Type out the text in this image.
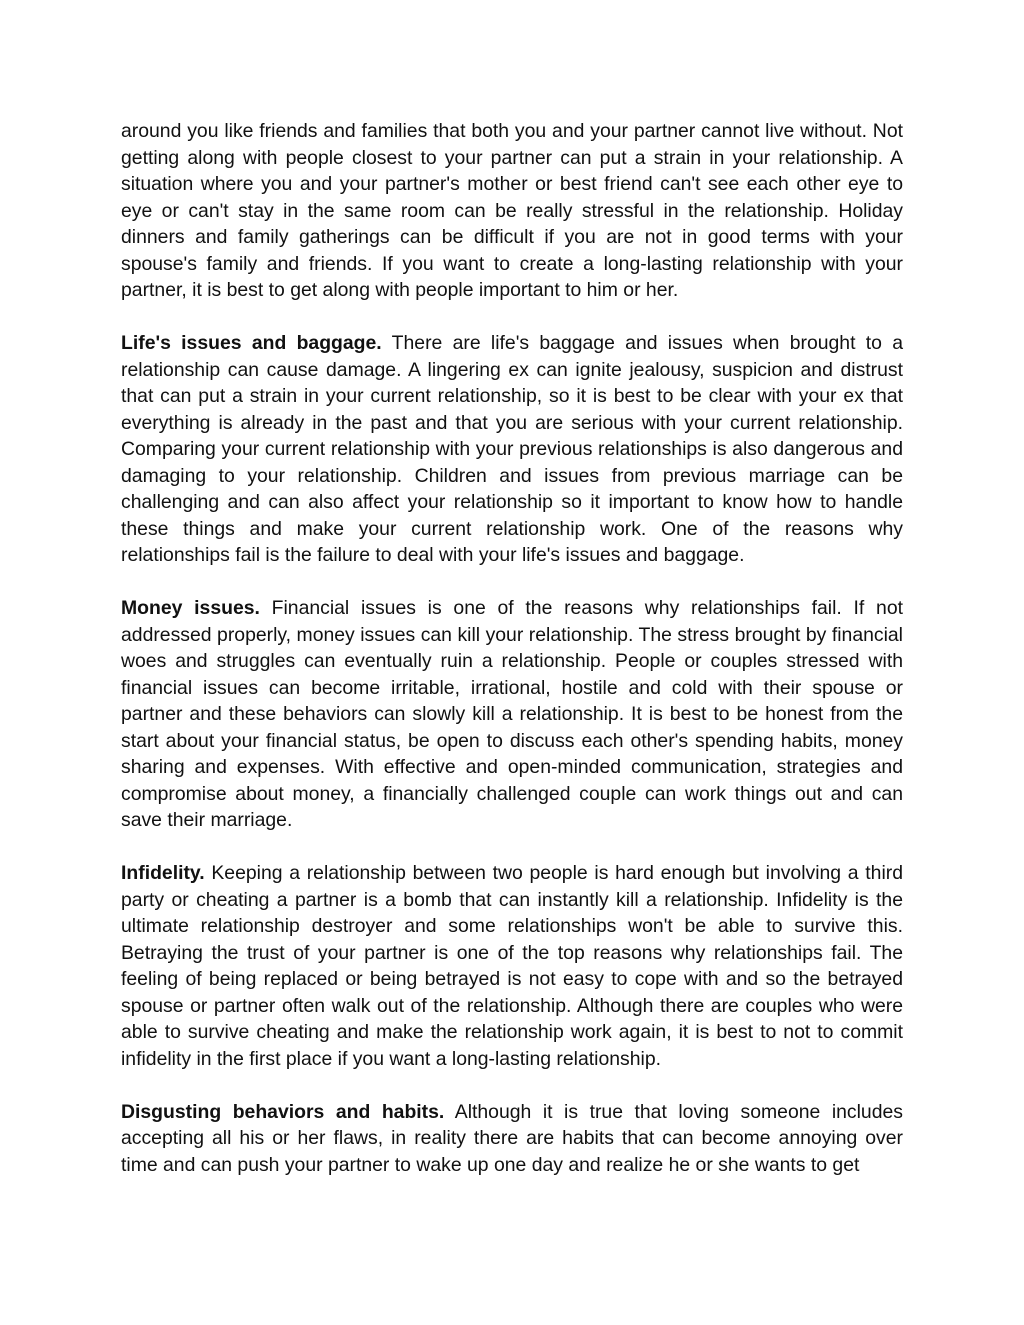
around you like friends and families that both you and your partner cannot live without. Not getting along with people closest to your partner can put a strain in your relationship. A situation where you and your partner's mother or best friend can't see each other eye to eye or can't stay in the same room can be really stressful in the relationship. Holiday dinners and family gatherings can be difficult if you are not in good terms with your spouse's family and friends. If you want to create a long-lasting relationship with your partner, it is best to get along with people important to him or her.

Life's issues and baggage. There are life's baggage and issues when brought to a relationship can cause damage. A lingering ex can ignite jealousy, suspicion and distrust that can put a strain in your current relationship, so it is best to be clear with your ex that everything is already in the past and that you are serious with your current relationship. Comparing your current relationship with your previous relationships is also dangerous and damaging to your relationship. Children and issues from previous marriage can be challenging and can also affect your relationship so it important to know how to handle these things and make your current relationship work. One of the reasons why relationships fail is the failure to deal with your life's issues and baggage.

Money issues. Financial issues is one of the reasons why relationships fail. If not addressed properly, money issues can kill your relationship. The stress brought by financial woes and struggles can eventually ruin a relationship. People or couples stressed with financial issues can become irritable, irrational, hostile and cold with their spouse or partner and these behaviors can slowly kill a relationship. It is best to be honest from the start about your financial status, be open to discuss each other's spending habits, money sharing and expenses. With effective and open-minded communication, strategies and compromise about money, a financially challenged couple can work things out and can save their marriage.

Infidelity. Keeping a relationship between two people is hard enough but involving a third party or cheating a partner is a bomb that can instantly kill a relationship. Infidelity is the ultimate relationship destroyer and some relationships won't be able to survive this. Betraying the trust of your partner is one of the top reasons why relationships fail. The feeling of being replaced or being betrayed is not easy to cope with and so the betrayed spouse or partner often walk out of the relationship. Although there are couples who were able to survive cheating and make the relationship work again, it is best to not to commit infidelity in the first place if you want a long-lasting relationship.

Disgusting behaviors and habits. Although it is true that loving someone includes accepting all his or her flaws, in reality there are habits that can become annoying over time and can push your partner to wake up one day and realize he or she wants to get
